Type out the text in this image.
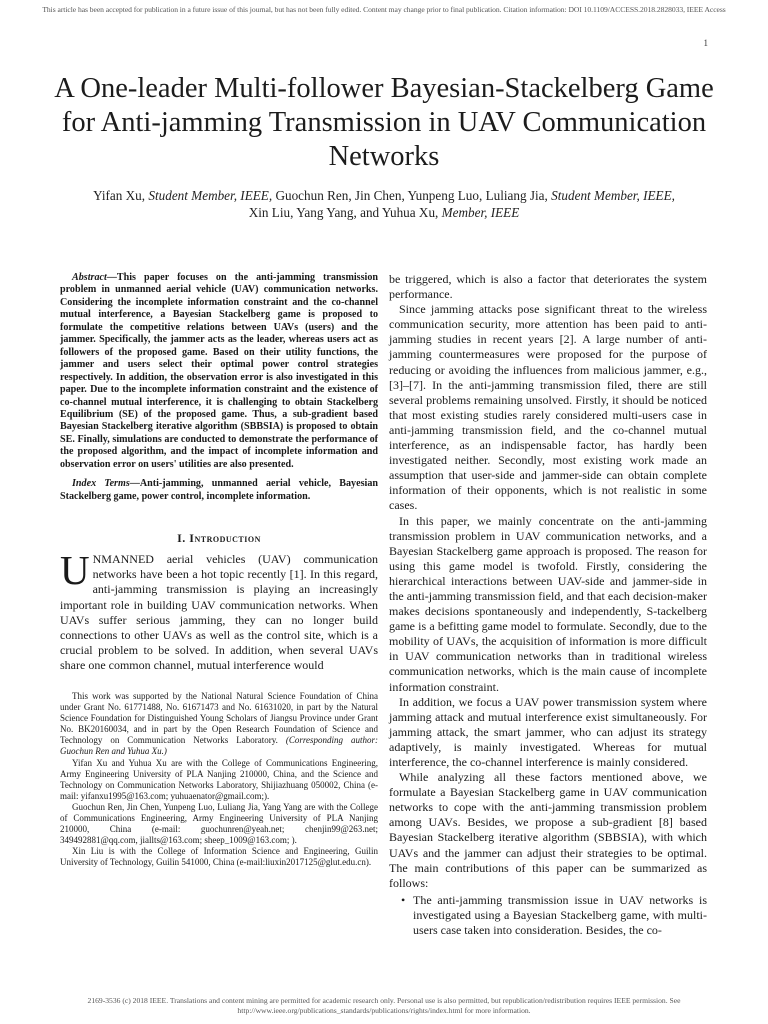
This article has been accepted for publication in a future issue of this journal, but has not been fully edited. Content may change prior to final publication. Citation information: DOI 10.1109/ACCESS.2018.2828033, IEEE Access
1
A One-leader Multi-follower Bayesian-Stackelberg Game for Anti-jamming Transmission in UAV Communication Networks
Yifan Xu, Student Member, IEEE, Guochun Ren, Jin Chen, Yunpeng Luo, Luliang Jia, Student Member, IEEE,
Xin Liu, Yang Yang, and Yuhua Xu, Member, IEEE

Abstract—This paper focuses on the anti-jamming transmission problem in unmanned aerial vehicle (UAV) communication networks. Considering the incomplete information constraint and the co-channel mutual interference, a Bayesian Stackelberg game is proposed to formulate the competitive relations between UAVs (users) and the jammer. Specifically, the jammer acts as the leader, whereas users act as followers of the proposed game. Based on their utility functions, the jammer and users select their optimal power control strategies respectively. In addition, the observation error is also investigated in this paper. Due to the incomplete information constraint and the existence of co-channel mutual interference, it is challenging to obtain Stackelberg Equilibrium (SE) of the proposed game. Thus, a sub-gradient based Bayesian Stackelberg iterative algorithm (SBBSIA) is proposed to obtain SE. Finally, simulations are conducted to demonstrate the performance of the proposed algorithm, and the impact of incomplete information and observation error on users' utilities are also presented.

Index Terms—Anti-jamming, unmanned aerial vehicle, Bayesian Stackelberg game, power control, incomplete information.

I. Introduction

UNMANNED aerial vehicles (UAV) communication networks have been a hot topic recently [1]. In this regard, anti-jamming transmission is playing an increasingly important role in building UAV communication networks. When UAVs suffer serious jamming, they can no longer build connections to other UAVs as well as the control site, which is a crucial problem to be solved. In addition, when several UAVs share one common channel, mutual interference would

This work was supported by the National Natural Science Foundation of China under Grant No. 61771488, No. 61671473 and No. 61631020, in part by the Natural Science Foundation for Distinguished Young Scholars of Jiangsu Province under Grant No. BK20160034, and in part by the Open Research Foundation of Science and Technology on Communication Networks Laboratory. (Corresponding author: Guochun Ren and Yuhua Xu.)

Yifan Xu and Yuhua Xu are with the College of Communications Engineering, Army Engineering University of PLA Nanjing 210000, China, and the Science and Technology on Communication Networks Laboratory, Shijiazhuang 050002, China (e-mail: yifanxu1995@163.com; yuhuaenator@gmail.com;).

Guochun Ren, Jin Chen, Yunpeng Luo, Luliang Jia, Yang Yang are with the College of Communications Engineering, Army Engineering University of PLA Nanjing 210000, China (e-mail: guochunren@yeah.net; chenjin99@263.net; 349492881@qq.com, jiallts@163.com; sheep_1009@163.com; ).

Xin Liu is with the College of Information Science and Engineering, Guilin University of Technology, Guilin 541000, China (e-mail:liuxin2017125@glut.edu.cn).

be triggered, which is also a factor that deteriorates the system performance.

Since jamming attacks pose significant threat to the wireless communication security, more attention has been paid to anti-jamming studies in recent years [2]. A large number of anti-jamming countermeasures were proposed for the purpose of reducing or avoiding the influences from malicious jammer, e.g., [3]–[7]. In the anti-jamming transmission filed, there are still several problems remaining unsolved. Firstly, it should be noticed that most existing studies rarely considered multi-users case in anti-jamming transmission field, and the co-channel mutual interference, as an indispensable factor, has hardly been investigated neither. Secondly, most existing work made an assumption that user-side and jammer-side can obtain complete information of their opponents, which is not realistic in some cases.

In this paper, we mainly concentrate on the anti-jamming transmission problem in UAV communication networks, and a Bayesian Stackelberg game approach is proposed. The reason for using this game model is twofold. Firstly, considering the hierarchical interactions between UAV-side and jammer-side in the anti-jamming transmission field, and that each decision-maker makes decisions spontaneously and independently, S-tackelberg game is a befitting game model to formulate. Secondly, due to the mobility of UAVs, the acquisition of information is more difficult in UAV communication networks than in traditional wireless communication networks, which is the main cause of incomplete information constraint.

In addition, we focus a UAV power transmission system where jamming attack and mutual interference exist simultaneously. For jamming attack, the smart jammer, who can adjust its strategy adaptively, is mainly investigated. Whereas for mutual interference, the co-channel interference is mainly considered.

While analyzing all these factors mentioned above, we formulate a Bayesian Stackelberg game in UAV communication networks to cope with the anti-jamming transmission problem among UAVs. Besides, we propose a sub-gradient [8] based Bayesian Stackelberg iterative algorithm (SBBSIA), with which UAVs and the jammer can adjust their strategies to be optimal. The main contributions of this paper can be summarized as follows:

• The anti-jamming transmission issue in UAV networks is investigated using a Bayesian Stackelberg game, with multi-users case taken into consideration. Besides, the co-
2169-3536 (c) 2018 IEEE. Translations and content mining are permitted for academic research only. Personal use is also permitted, but republication/redistribution requires IEEE permission. See
http://www.ieee.org/publications_standards/publications/rights/index.html for more information.
